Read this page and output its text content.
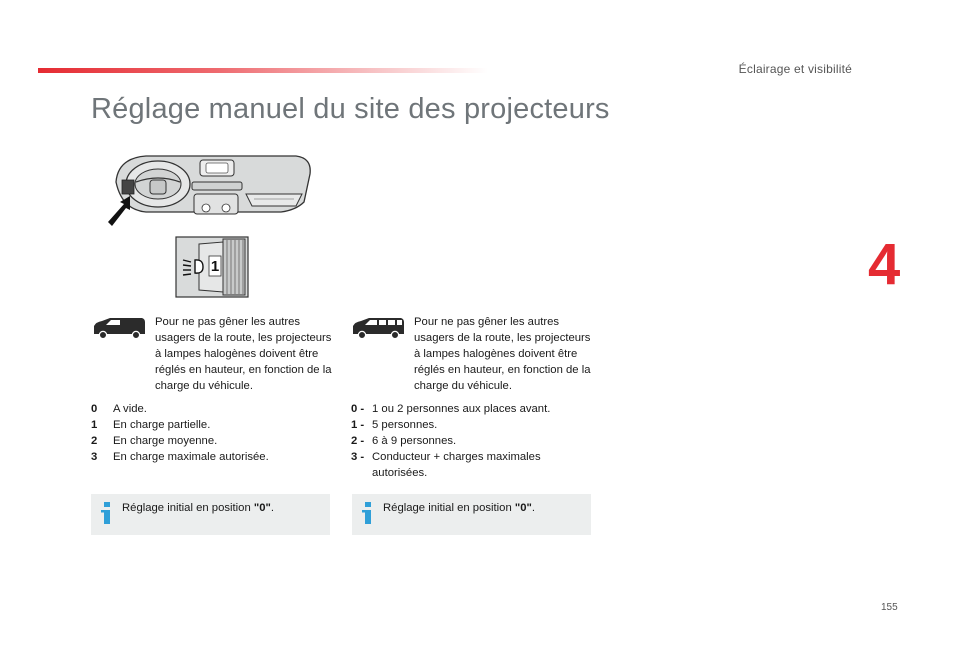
Éclairage et visibilité
4
Réglage manuel du site des projecteurs
1
Pour ne pas gêner les autres usagers de la route, les projecteurs à lampes halogènes doivent être réglés en hauteur, en fonction de la charge du véhicule.
0	A vide.
1	En charge partielle.
2	En charge moyenne.
3	En charge maximale autorisée.
Réglage initial en position "0".
Pour ne pas gêner les autres usagers de la route, les projecteurs à lampes halogènes doivent être réglés en hauteur, en fonction de la charge du véhicule.
0 - 1 ou 2 personnes aux places avant.
1 - 5 personnes.
2 - 6 à 9 personnes.
3 - Conducteur + charges maximales autorisées.
Réglage initial en position "0".
155
